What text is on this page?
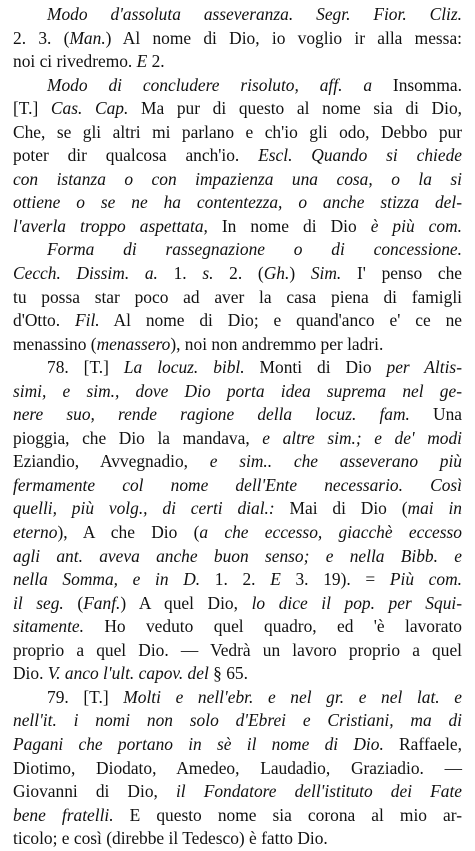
Modo d'assoluta asseveranza. Segr. Fior. Cliz.
2. 3. (Man.) Al nome di Dio, io voglio ir alla messa:
noi ci rivedremo. E 2.
Modo di concludere risoluto, aff. a Insomma.
[T.] Cas. Cap. Ma pur di questo al nome sia di Dio,
Che, se gli altri mi parlano e ch'io gli odo, Debbo pur
poter dir qualcosa anch'io. Escl. Quando si chiede
con istanza o con impazienza una cosa, o la si
ottiene o se ne ha contentezza, o anche stizza del-
l'averla troppo aspettata, In nome di Dio è più com.
Forma di rassegnazione o di concessione.
Cecch. Dissim. a. 1. s. 2. (Gh.) Sim. I' penso che
tu possa star poco ad aver la casa piena di famigli
d'Otto. Fil. Al nome di Dio; e quand'anco e' ce ne
menassino (menassero), noi non andremmo per ladri.
78. [T.] La locuz. bibl. Monti di Dio per Altis-
simi, e sim., dove Dio porta idea suprema nel ge-
nere suo, rende ragione della locuz. fam. Una
pioggia, che Dio la mandava, e altre sim.; e de' modi
Eziandio, Avvegnadio, e sim.. che asseverano più
fermamente col nome dell'Ente necessario. Così
quelli, più volg., di certi dial.: Mai di Dio (mai in
eterno), A che Dio (a che eccesso, giacchè eccesso
agli ant. aveva anche buon senso; e nella Bibb. e
nella Somma, e in D. 1. 2. E 3. 19). = Più com.
il seg. (Fanf.) A quel Dio, lo dice il pop. per Squi-
sitamente. Ho veduto quel quadro, ed 'è lavorato
proprio a quel Dio. — Vedrà un lavoro proprio a quel
Dio. V. anco l'ult. capov. del § 65.
79. [T.] Molti e nell'ebr. e nel gr. e nel lat. e
nell'it. i nomi non solo d'Ebrei e Cristiani, ma di
Pagani che portano in sè il nome di Dio. Raffaele,
Diotimo, Diodato, Amedeo, Laudadio, Graziadio. —
Giovanni di Dio, il Fondatore dell'istituto dei Fate
bene fratelli. E questo nome sia corona al mio ar-
ticolo; e così (direbbe il Tedesco) è fatto Dio.
